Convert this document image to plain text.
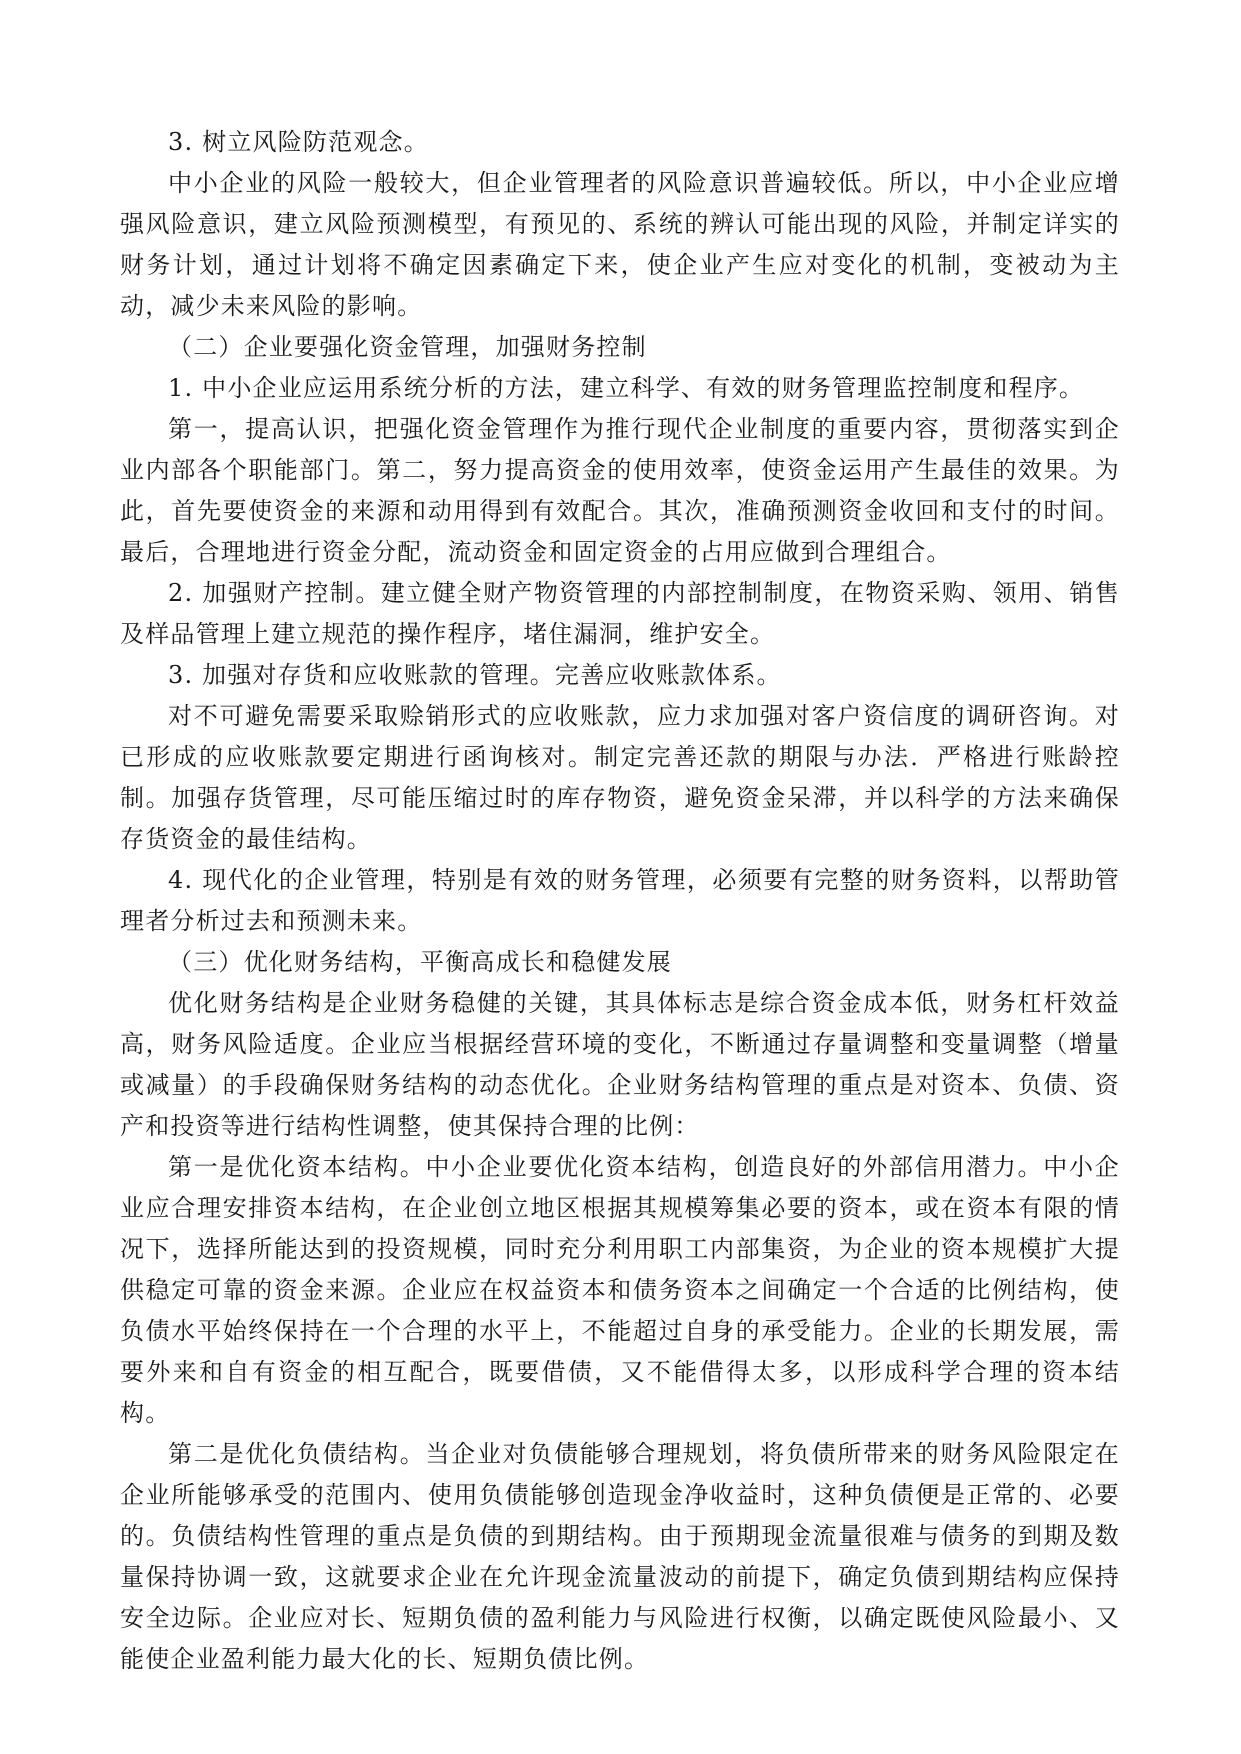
3. 树立风险防范观念。

中小企业的风险一般较大，但企业管理者的风险意识普遍较低。所以，中小企业应增强风险意识，建立风险预测模型，有预见的、系统的辨认可能出现的风险，并制定详实的财务计划，通过计划将不确定因素确定下来，使企业产生应对变化的机制，变被动为主动，减少未来风险的影响。

（二）企业要强化资金管理，加强财务控制

1. 中小企业应运用系统分析的方法，建立科学、有效的财务管理监控制度和程序。

第一，提高认识，把强化资金管理作为推行现代企业制度的重要内容，贯彻落实到企业内部各个职能部门。第二，努力提高资金的使用效率，使资金运用产生最佳的效果。为此，首先要使资金的来源和动用得到有效配合。其次，准确预测资金收回和支付的时间。最后，合理地进行资金分配，流动资金和固定资金的占用应做到合理组合。

2. 加强财产控制。建立健全财产物资管理的内部控制制度，在物资采购、领用、销售及样品管理上建立规范的操作程序，堵住漏洞，维护安全。

3. 加强对存货和应收账款的管理。完善应收账款体系。

对不可避免需要采取赊销形式的应收账款，应力求加强对客户资信度的调研咨询。对已形成的应收账款要定期进行函询核对。制定完善还款的期限与办法．严格进行账龄控制。加强存货管理，尽可能压缩过时的库存物资，避免资金呆滞，并以科学的方法来确保存货资金的最佳结构。

4. 现代化的企业管理，特别是有效的财务管理，必须要有完整的财务资料，以帮助管理者分析过去和预测未来。

（三）优化财务结构，平衡高成长和稳健发展

优化财务结构是企业财务稳健的关键，其具体标志是综合资金成本低，财务杠杆效益高，财务风险适度。企业应当根据经营环境的变化，不断通过存量调整和变量调整（增量或减量）的手段确保财务结构的动态优化。企业财务结构管理的重点是对资本、负债、资产和投资等进行结构性调整，使其保持合理的比例：

第一是优化资本结构。中小企业要优化资本结构，创造良好的外部信用潜力。中小企业应合理安排资本结构，在企业创立地区根据其规模筹集必要的资本，或在资本有限的情况下，选择所能达到的投资规模，同时充分利用职工内部集资，为企业的资本规模扩大提供稳定可靠的资金来源。企业应在权益资本和债务资本之间确定一个合适的比例结构，使负债水平始终保持在一个合理的水平上，不能超过自身的承受能力。企业的长期发展，需要外来和自有资金的相互配合，既要借债，又不能借得太多，以形成科学合理的资本结构。

第二是优化负债结构。当企业对负债能够合理规划，将负债所带来的财务风险限定在企业所能够承受的范围内、使用负债能够创造现金净收益时，这种负债便是正常的、必要的。负债结构性管理的重点是负债的到期结构。由于预期现金流量很难与债务的到期及数量保持协调一致，这就要求企业在允许现金流量波动的前提下，确定负债到期结构应保持安全边际。企业应对长、短期负债的盈利能力与风险进行权衡，以确定既使风险最小、又能使企业盈利能力最大化的长、短期负债比例。
